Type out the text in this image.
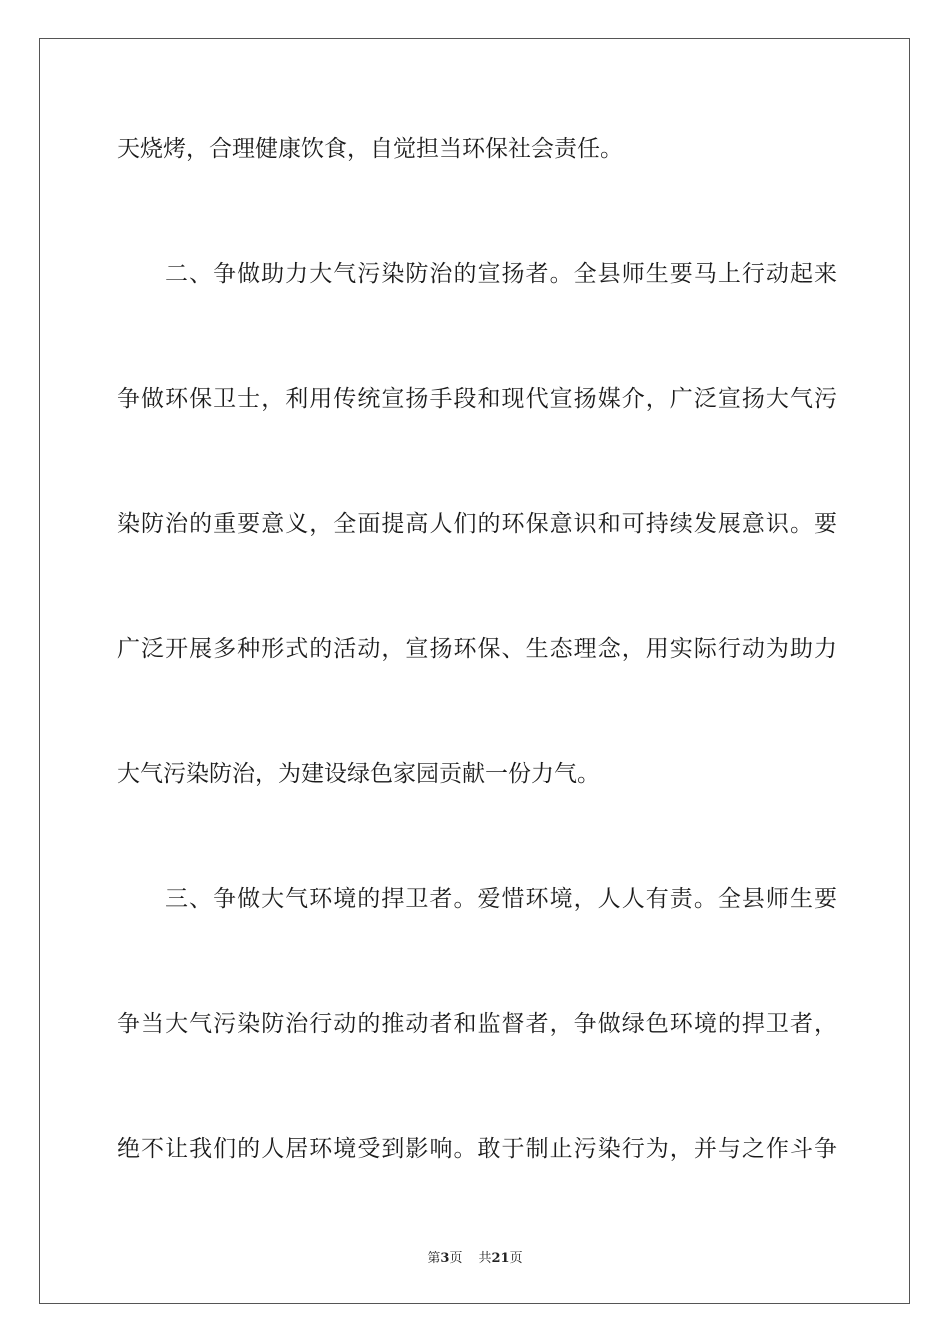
天烧烤，合理健康饮食，自觉担当环保社会责任。
二、争做助力大气污染防治的宣扬者。全县师生要马上行动起来
争做环保卫士，利用传统宣扬手段和现代宣扬媒介，广泛宣扬大气污
染防治的重要意义，全面提高人们的环保意识和可持续发展意识。要
广泛开展多种形式的活动，宣扬环保、生态理念，用实际行动为助力
大气污染防治，为建设绿色家园贡献一份力气。
三、争做大气环境的捍卫者。爱惜环境，人人有责。全县师生要
争当大气污染防治行动的推动者和监督者，争做绿色环境的捍卫者，
绝不让我们的人居环境受到影响。敢于制止污染行为，并与之作斗争
第3页 共21页
